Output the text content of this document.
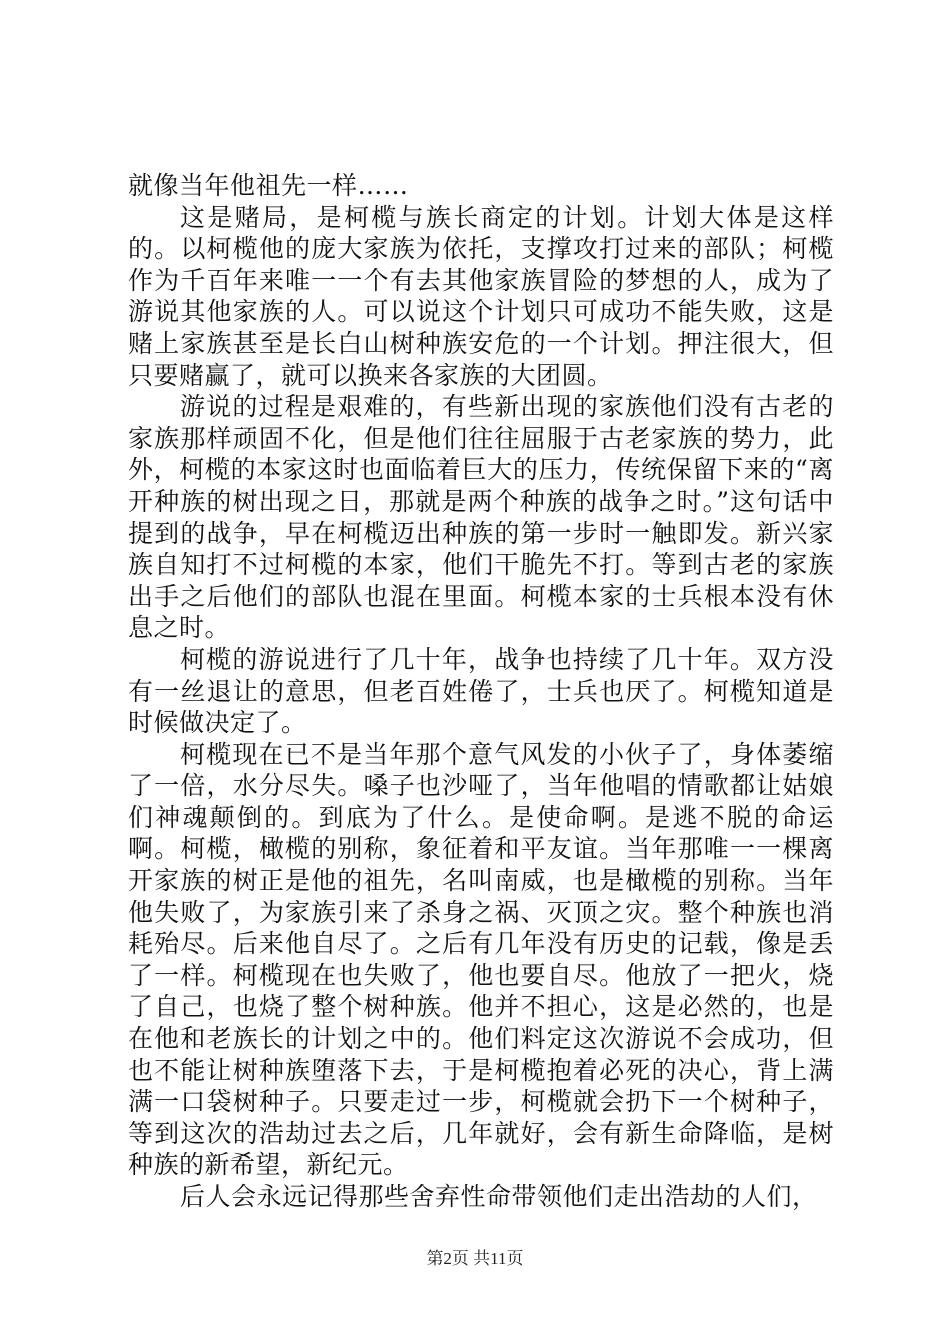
就像当年他祖先一样……

这是赌局，是柯榄与族长商定的计划。计划大体是这样的。以柯榄他的庞大家族为依托，支撑攻打过来的部队；柯榄作为千百年来唯一一个有去其他家族冒险的梦想的人，成为了游说其他家族的人。可以说这个计划只可成功不能失败，这是赌上家族甚至是长白山树种族安危的一个计划。押注很大，但只要赌赢了，就可以换来各家族的大团圆。

游说的过程是艰难的，有些新出现的家族他们没有古老的家族那样顽固不化，但是他们往往屈服于古老家族的势力，此外，柯榄的本家这时也面临着巨大的压力，传统保留下来的“离开种族的树出现之日，那就是两个种族的战争之时。”这句话中提到的战争，早在柯榄迈出种族的第一步时一触即发。新兴家族自知打不过柯榄的本家，他们干脆先不打。等到古老的家族出手之后他们的部队也混在里面。柯榄本家的士兵根本没有休息之时。

柯榄的游说进行了几十年，战争也持续了几十年。双方没有一丝退让的意思，但老百姓倦了，士兵也厌了。柯榄知道是时候做决定了。

柯榄现在已不是当年那个意气风发的小伙子了，身体萎缩了一倍，水分尽失。嗓子也沙哑了，当年他唱的情歌都让姑娘们神魂颠倒的。到底为了什么。是使命啊。是逃不脱的命运啊。柯榄，橄榄的别称，象征着和平友谊。当年那唯一一棵离开家族的树正是他的祖先，名叫南威，也是橄榄的别称。当年他失败了，为家族引来了杀身之祸、灭顶之灾。整个种族也消耗殆尽。后来他自尽了。之后有几年没有历史的记载，像是丢了一样。柯榄现在也失败了，他也要自尽。他放了一把火，烧了自己，也烧了整个树种族。他并不担心，这是必然的，也是在他和老族长的计划之中的。他们料定这次游说不会成功，但也不能让树种族堕落下去，于是柯榄抱着必死的决心，背上满满一口袋树种子。只要走过一步，柯榄就会扔下一个树种子，等到这次的浩劫过去之后，几年就好，会有新生命降临，是树种族的新希望，新纪元。

后人会永远记得那些舍弃性命带领他们走出浩劫的人们，

第2页 共11页
